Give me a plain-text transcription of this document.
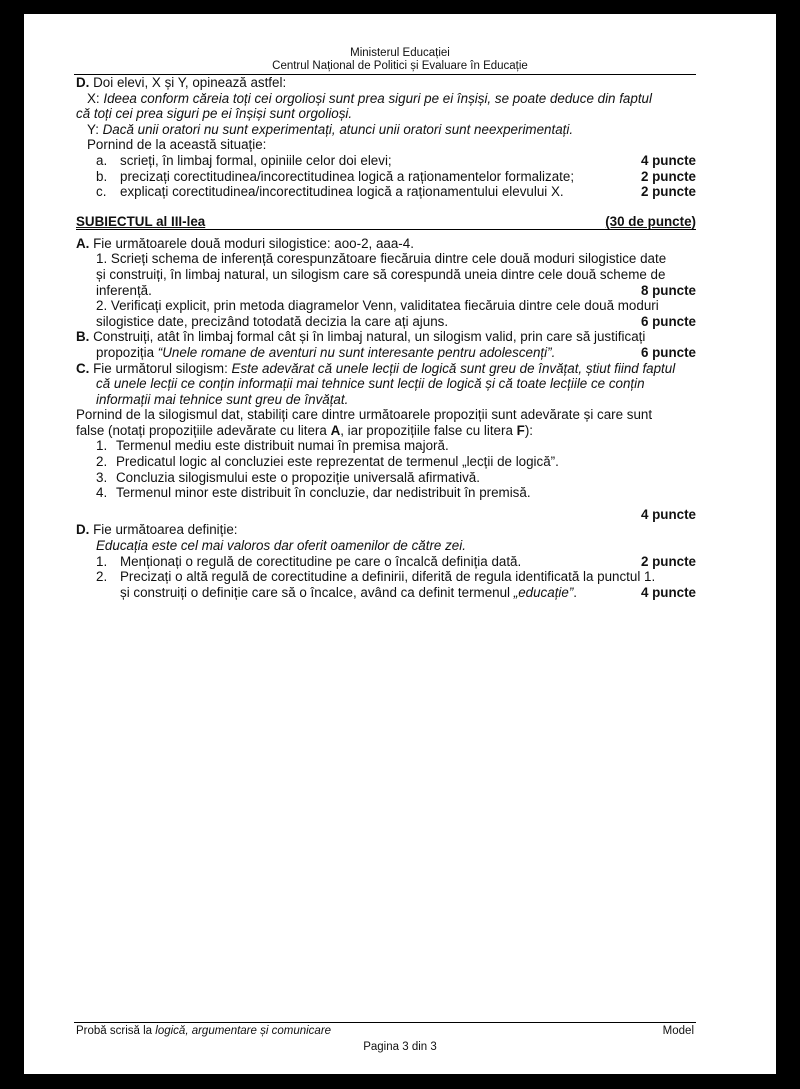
Ministerul Educației
Centrul Național de Politici și Evaluare în Educație

D. Doi elevi, X și Y, opinează astfel:

X: Ideea conform căreia toți cei orgolioși sunt prea siguri pe ei înșiși, se poate deduce din faptul

că toți cei prea siguri pe ei înșiși sunt orgolioși.

Y: Dacă unii oratori nu sunt experimentați, atunci unii oratori sunt neexperimentați.

Pornind de la această situație:

a. scrieți, în limbaj formal, opiniile celor doi elevi;	4 puncte
b. precizați corectitudinea/incorectitudinea logică a raționamentelor formalizate;	2 puncte
c. explicați corectitudinea/incorectitudinea logică a raționamentului elevului X.	2 puncte
SUBIECTUL al III-lea	(30 de puncte)

A. Fie următoarele două moduri silogistice: aoo-2, aaa-4.

1. Scrieți schema de inferență corespunzătoare fiecăruia dintre cele două moduri silogistice date

și construiți, în limbaj natural, un silogism care să corespundă uneia dintre cele două scheme de

inferență.	8 puncte

2. Verificați explicit, prin metoda diagramelor Venn, validitatea fiecăruia dintre cele două moduri

silogistice date, precizând totodată decizia la care ați ajuns.	6 puncte

B. Construiți, atât în limbaj formal cât și în limbaj natural, un silogism valid, prin care să justificați

propoziția “Unele romane de aventuri nu sunt interesante pentru adolescenți”.	6 puncte

C. Fie următorul silogism: Este adevărat că unele lecții de logică sunt greu de învățat, știut fiind faptul

că unele lecții ce conțin informații mai tehnice sunt lecții de logică și că toate lecțiile ce conțin

informații mai tehnice sunt greu de învățat.

Pornind de la silogismul dat, stabiliți care dintre următoarele propoziții sunt adevărate și care sunt

false (notați propozițiile adevărate cu litera A, iar propozițiile false cu litera F):

1. Termenul mediu este distribuit numai în premisa majoră.
2. Predicatul logic al concluziei este reprezentat de termenul „lecții de logică”.
3. Concluzia silogismului este o propoziție universală afirmativă.
4. Termenul minor este distribuit în concluzie, dar nedistribuit în premisă.
4 puncte

D. Fie următoarea definiție:

Educația este cel mai valoros dar oferit oamenilor de către zei.

1. Menționați o regulă de corectitudine pe care o încalcă definiția dată.	2 puncte
2. Precizați o altă regulă de corectitudine a definirii, diferită de regula identificată la punctul 1.
și construiți o definiție care să o încalce, având ca definit termenul „educație”.	4 puncte
Probă scrisă la logică, argumentare și comunicare	Model
Pagina 3 din 3
